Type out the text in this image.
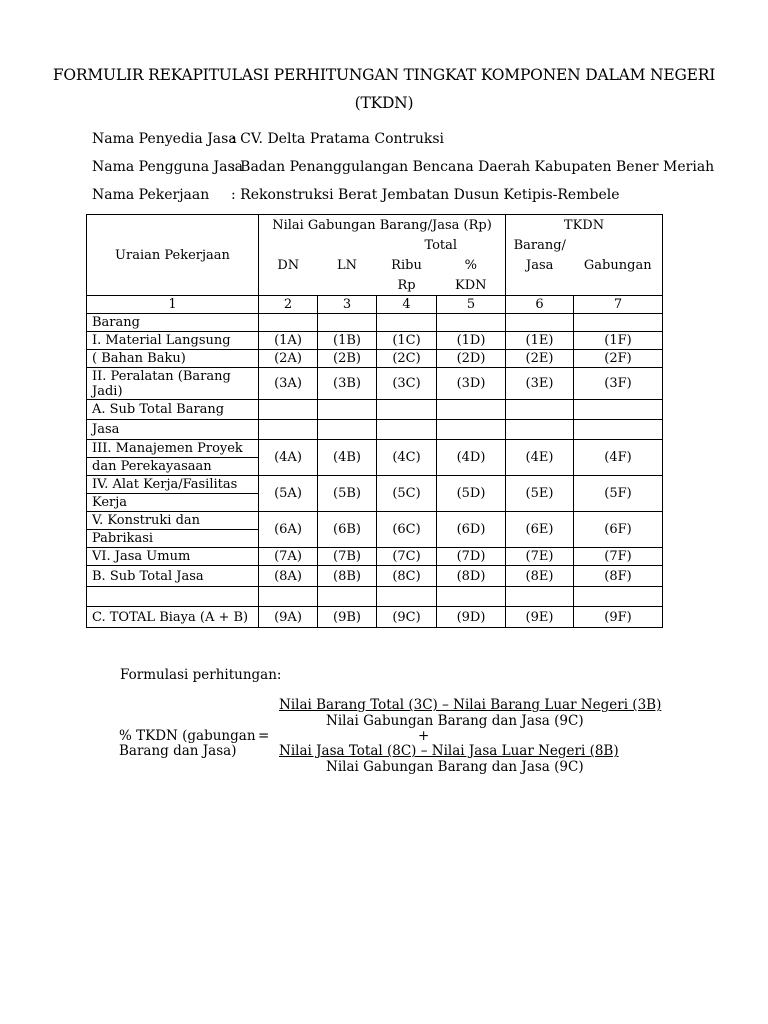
FORMULIR REKAPITULASI PERHITUNGAN TINGKAT KOMPONEN DALAM NEGERI
(TKDN)
Nama Penyedia Jasa: CV. Delta Pratama Contruksi
Nama Pengguna Jasa: Badan Penanggulangan Bencana Daerah Kabupaten Bener Meriah
Nama Pekerjaan : Rekonstruksi Berat Jembatan Dusun Ketipis-Rembele
Uraian Pekerjaan	Nilai Gabungan Barang/Jasa (Rp)				TKDN	
			Total		Barang/	
	DN	LN	Ribu	%	Jasa	Gabungan
			Rp	KDN		
1	2	3	4	5	6	7
Barang						
I. Material Langsung	(1A)	(1B)	(1C)	(1D)	(1E)	(1F)
( Bahan Baku)	(2A)	(2B)	(2C)	(2D)	(2E)	(2F)
II. Peralatan (Barang Jadi)	(3A)	(3B)	(3C)	(3D)	(3E)	(3F)
A. Sub Total Barang						
Jasa						
III. Manajemen Proyek	(4A)	(4B)	(4C)	(4D)	(4E)	(4F)
dan Perekayasaan						
IV. Alat Kerja/Fasilitas	(5A)	(5B)	(5C)	(5D)	(5E)	(5F)
Kerja						
V. Konstruki dan	(6A)	(6B)	(6C)	(6D)	(6E)	(6F)
Pabrikasi						
VI. Jasa Umum	(7A)	(7B)	(7C)	(7D)	(7E)	(7F)
B. Sub Total Jasa	(8A)	(8B)	(8C)	(8D)	(8E)	(8F)

C. TOTAL Biaya (A + B)	(9A)	(9B)	(9C)	(9D)	(9E)	(9F)
Formulasi perhitungan:
% TKDN (gabungan =
Barang dan Jasa)
Nilai Barang Total (3C) – Nilai Barang Luar Negeri (3B)
Nilai Gabungan Barang dan Jasa (9C)
+
Nilai Jasa Total (8C) – Nilai Jasa Luar Negeri (8B)
Nilai Gabungan Barang dan Jasa (9C)
